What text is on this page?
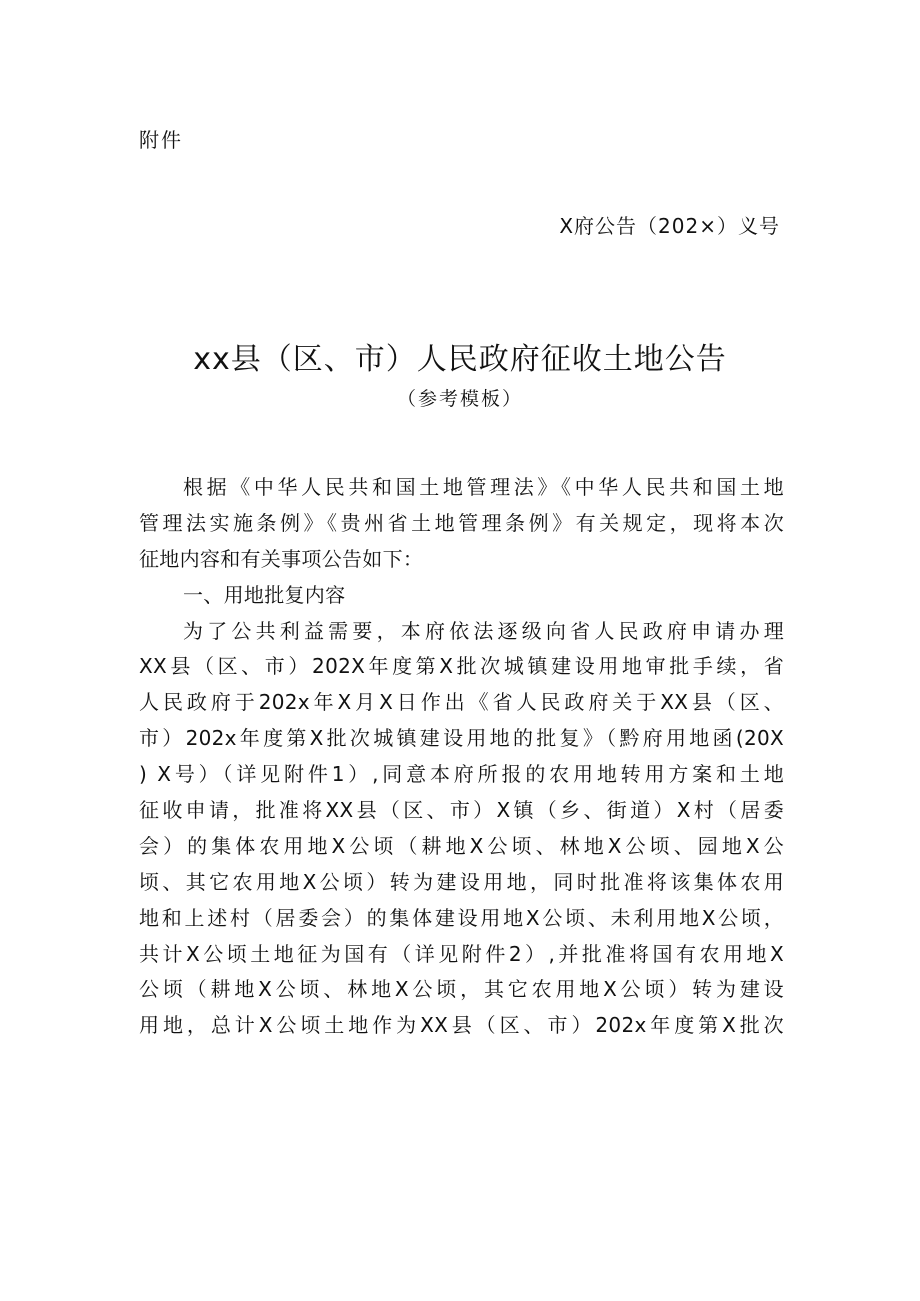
附件
X府公告（202×）义号
xx县（区、市）人民政府征收土地公告
（参考模板）
根据《中华人民共和国土地管理法》《中华人民共和国土地
管理法实施条例》《贵州省土地管理条例》有关规定，现将本次
征地内容和有关事项公告如下：
一、用地批复内容
为了公共利益需要，本府依法逐级向省人民政府申请办理
XX县（区、市）202X年度第X批次城镇建设用地审批手续，省
人民政府于202x年X月X日作出《省人民政府关于XX县（区、
市）202x年度第X批次城镇建设用地的批复》（黔府用地函(20X
) X号）（详见附件1）,同意本府所报的农用地转用方案和土地
征收申请，批准将XX县（区、市）X镇（乡、街道）X村（居委
会）的集体农用地X公顷（耕地X公顷、林地X公顷、园地X公
顷、其它农用地X公顷）转为建设用地，同时批准将该集体农用
地和上述村（居委会）的集体建设用地X公顷、未利用地X公顷，
共计X公顷土地征为国有（详见附件2）,并批准将国有农用地X
公顷（耕地X公顷、林地X公顷，其它农用地X公顷）转为建设
用地，总计X公顷土地作为XX县（区、市）202x年度第X批次
